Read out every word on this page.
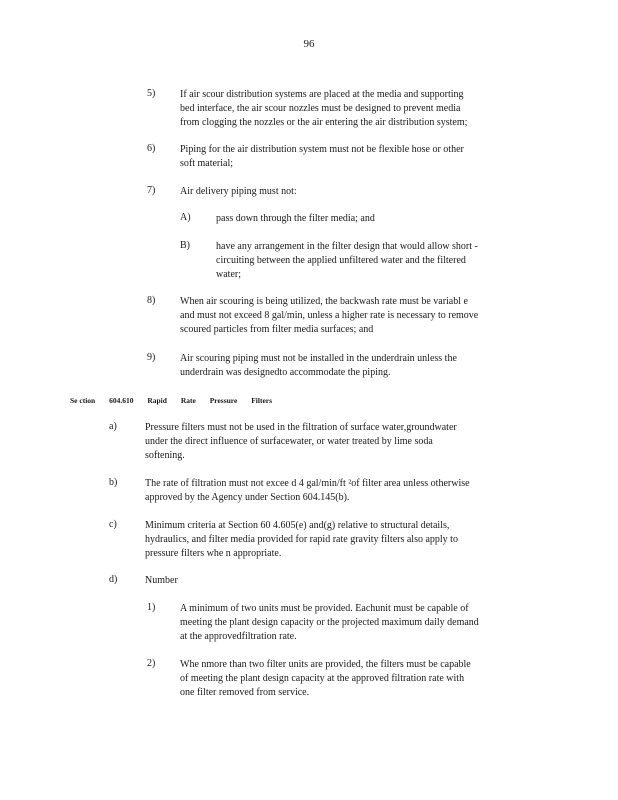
96
5) If air scour distribution systems are placed at the media and supporting

bed interface, the air scour nozzles must be designed to prevent media

from clogging the nozzles or the air entering the air distribution system;

6) Piping for the air distribution system must not be flexible hose or other

soft material;

7) Air delivery piping must not:

A)	pass down through the filter media; and

B)	have any arrangement in the filter design that would allow short -

circuiting between the applied unfiltered water and the filtered

water;

8) When air scouring is being utilized, the backwash rate must be variabl e

and must not exceed 8 gal/min, unless a higher rate is necessary to remove

scoured particles from filter media surfaces; and

9) Air scouring piping must not be installed in the underdrain unless the

underdrain was designedto accommodate the piping.

Se ction 604.610 Rapid Rate Pressure Filters
a)	Pressure filters must not be used in the filtration of surface water,groundwater

under the direct influence of surfacewater, or water treated by lime soda

softening.

b)	The rate of filtration must not excee d 4 gal/min/ft ²of filter area unless otherwise

approved by the Agency under Section 604.145(b).

c)	Minimum criteria at Section 60 4.605(e) and(g) relative to structural details,

hydraulics, and filter media provided for rapid rate gravity filters also apply to

pressure filters whe n appropriate.

d)	Number

1) A minimum of two units must be provided. Eachunit must be capable of

meeting the plant design capacity or the projected maximum daily demand

at the approvedfiltration rate.

2) Whe nmore than two filter units are provided, the filters must be capable

of meeting the plant design capacity at the approved filtration rate with

one filter removed from service.
